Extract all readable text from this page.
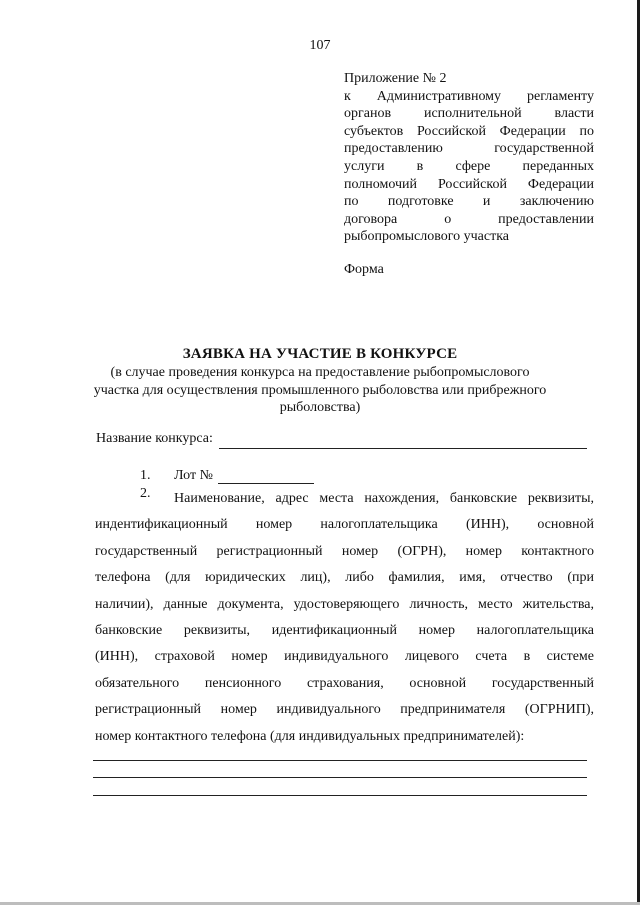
107
Приложение № 2
к Административному регламенту
органов исполнительной власти
субъектов Российской Федерации по
предоставлению государственной
услуги в сфере переданных
полномочий Российской Федерации
по подготовке и заключению
договора о предоставлении
рыбопромыслового участка
Форма
ЗАЯВКА НА УЧАСТИЕ В КОНКУРСЕ
(в случае проведения конкурса на предоставление рыбопромыслового участка для осуществления промышленного рыболовства или прибрежного рыболовства)
Название конкурса:
1. Лот №
2.	Наименование, адрес места нахождения, банковские реквизиты,
индентификационный номер налогоплательщика (ИНН), основной
государственный регистрационный номер (ОГРН), номер контактного
телефона (для юридических лиц), либо фамилия, имя, отчество (при
наличии), данные документа, удостоверяющего личность, место жительства,
банковские реквизиты, идентификационный номер налогоплательщика
(ИНН), страховой номер индивидуального лицевого счета в системе
обязательного пенсионного страхования, основной государственный
регистрационный номер индивидуального предпринимателя (ОГРНИП),
номер контактного телефона (для индивидуальных предпринимателей):
